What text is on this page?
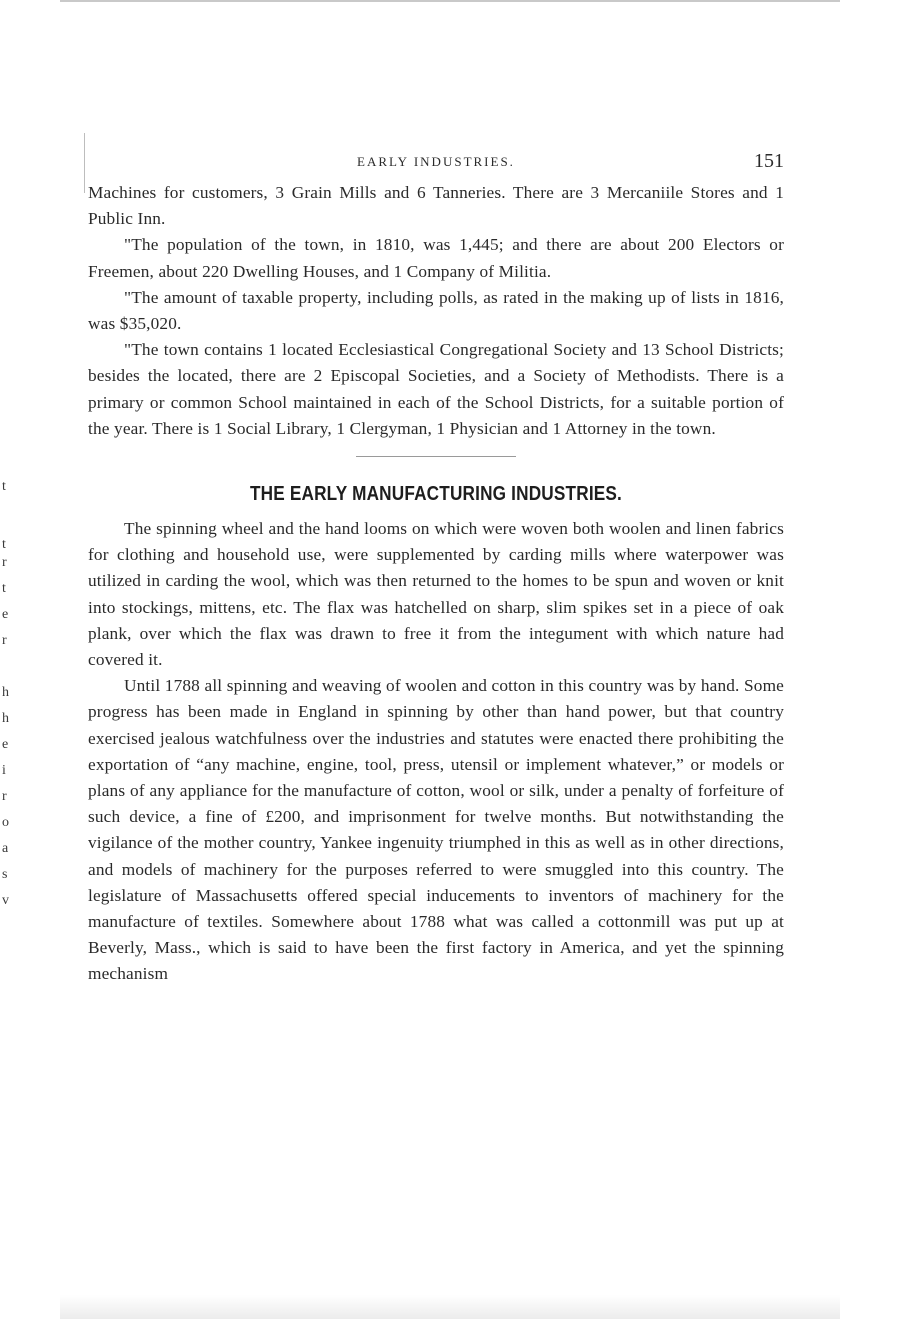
t
t
r
t
e
r
h
h
e
i
r
o
a
s
v
EARLY INDUSTRIES.	151

Machines for customers, 3 Grain Mills and 6 Tanneries. There are 3 Mercaniile Stores and 1 Public Inn.

"The population of the town, in 1810, was 1,445; and there are about 200 Electors or Freemen, about 220 Dwelling Houses, and 1 Company of Militia.

"The amount of taxable property, including polls, as rated in the making up of lists in 1816, was $35,020.

"The town contains 1 located Ecclesiastical Congregational Society and 13 School Districts; besides the located, there are 2 Episcopal Societies, and a Society of Methodists. There is a primary or common School maintained in each of the School Districts, for a suitable portion of the year. There is 1 Social Library, 1 Clergyman, 1 Physician and 1 Attorney in the town.

THE EARLY MANUFACTURING INDUSTRIES.

The spinning wheel and the hand looms on which were woven both woolen and linen fabrics for clothing and household use, were supplemented by carding mills where waterpower was utilized in carding the wool, which was then returned to the homes to be spun and woven or knit into stockings, mittens, etc. The flax was hatchelled on sharp, slim spikes set in a piece of oak plank, over which the flax was drawn to free it from the integument with which nature had covered it.

Until 1788 all spinning and weaving of woolen and cotton in this country was by hand. Some progress has been made in England in spinning by other than hand power, but that country exercised jealous watchfulness over the industries and statutes were enacted there prohibiting the exportation of “any machine, engine, tool, press, utensil or implement whatever,” or models or plans of any appliance for the manufacture of cotton, wool or silk, under a penalty of forfeiture of such device, a fine of £200, and imprisonment for twelve months. But notwithstanding the vigilance of the mother country, Yankee ingenuity triumphed in this as well as in other directions, and models of machinery for the purposes referred to were smuggled into this country. The legislature of Massachusetts offered special inducements to inventors of machinery for the manufacture of textiles. Somewhere about 1788 what was called a cottonmill was put up at Beverly, Mass., which is said to have been the first factory in America, and yet the spinning mechanism
